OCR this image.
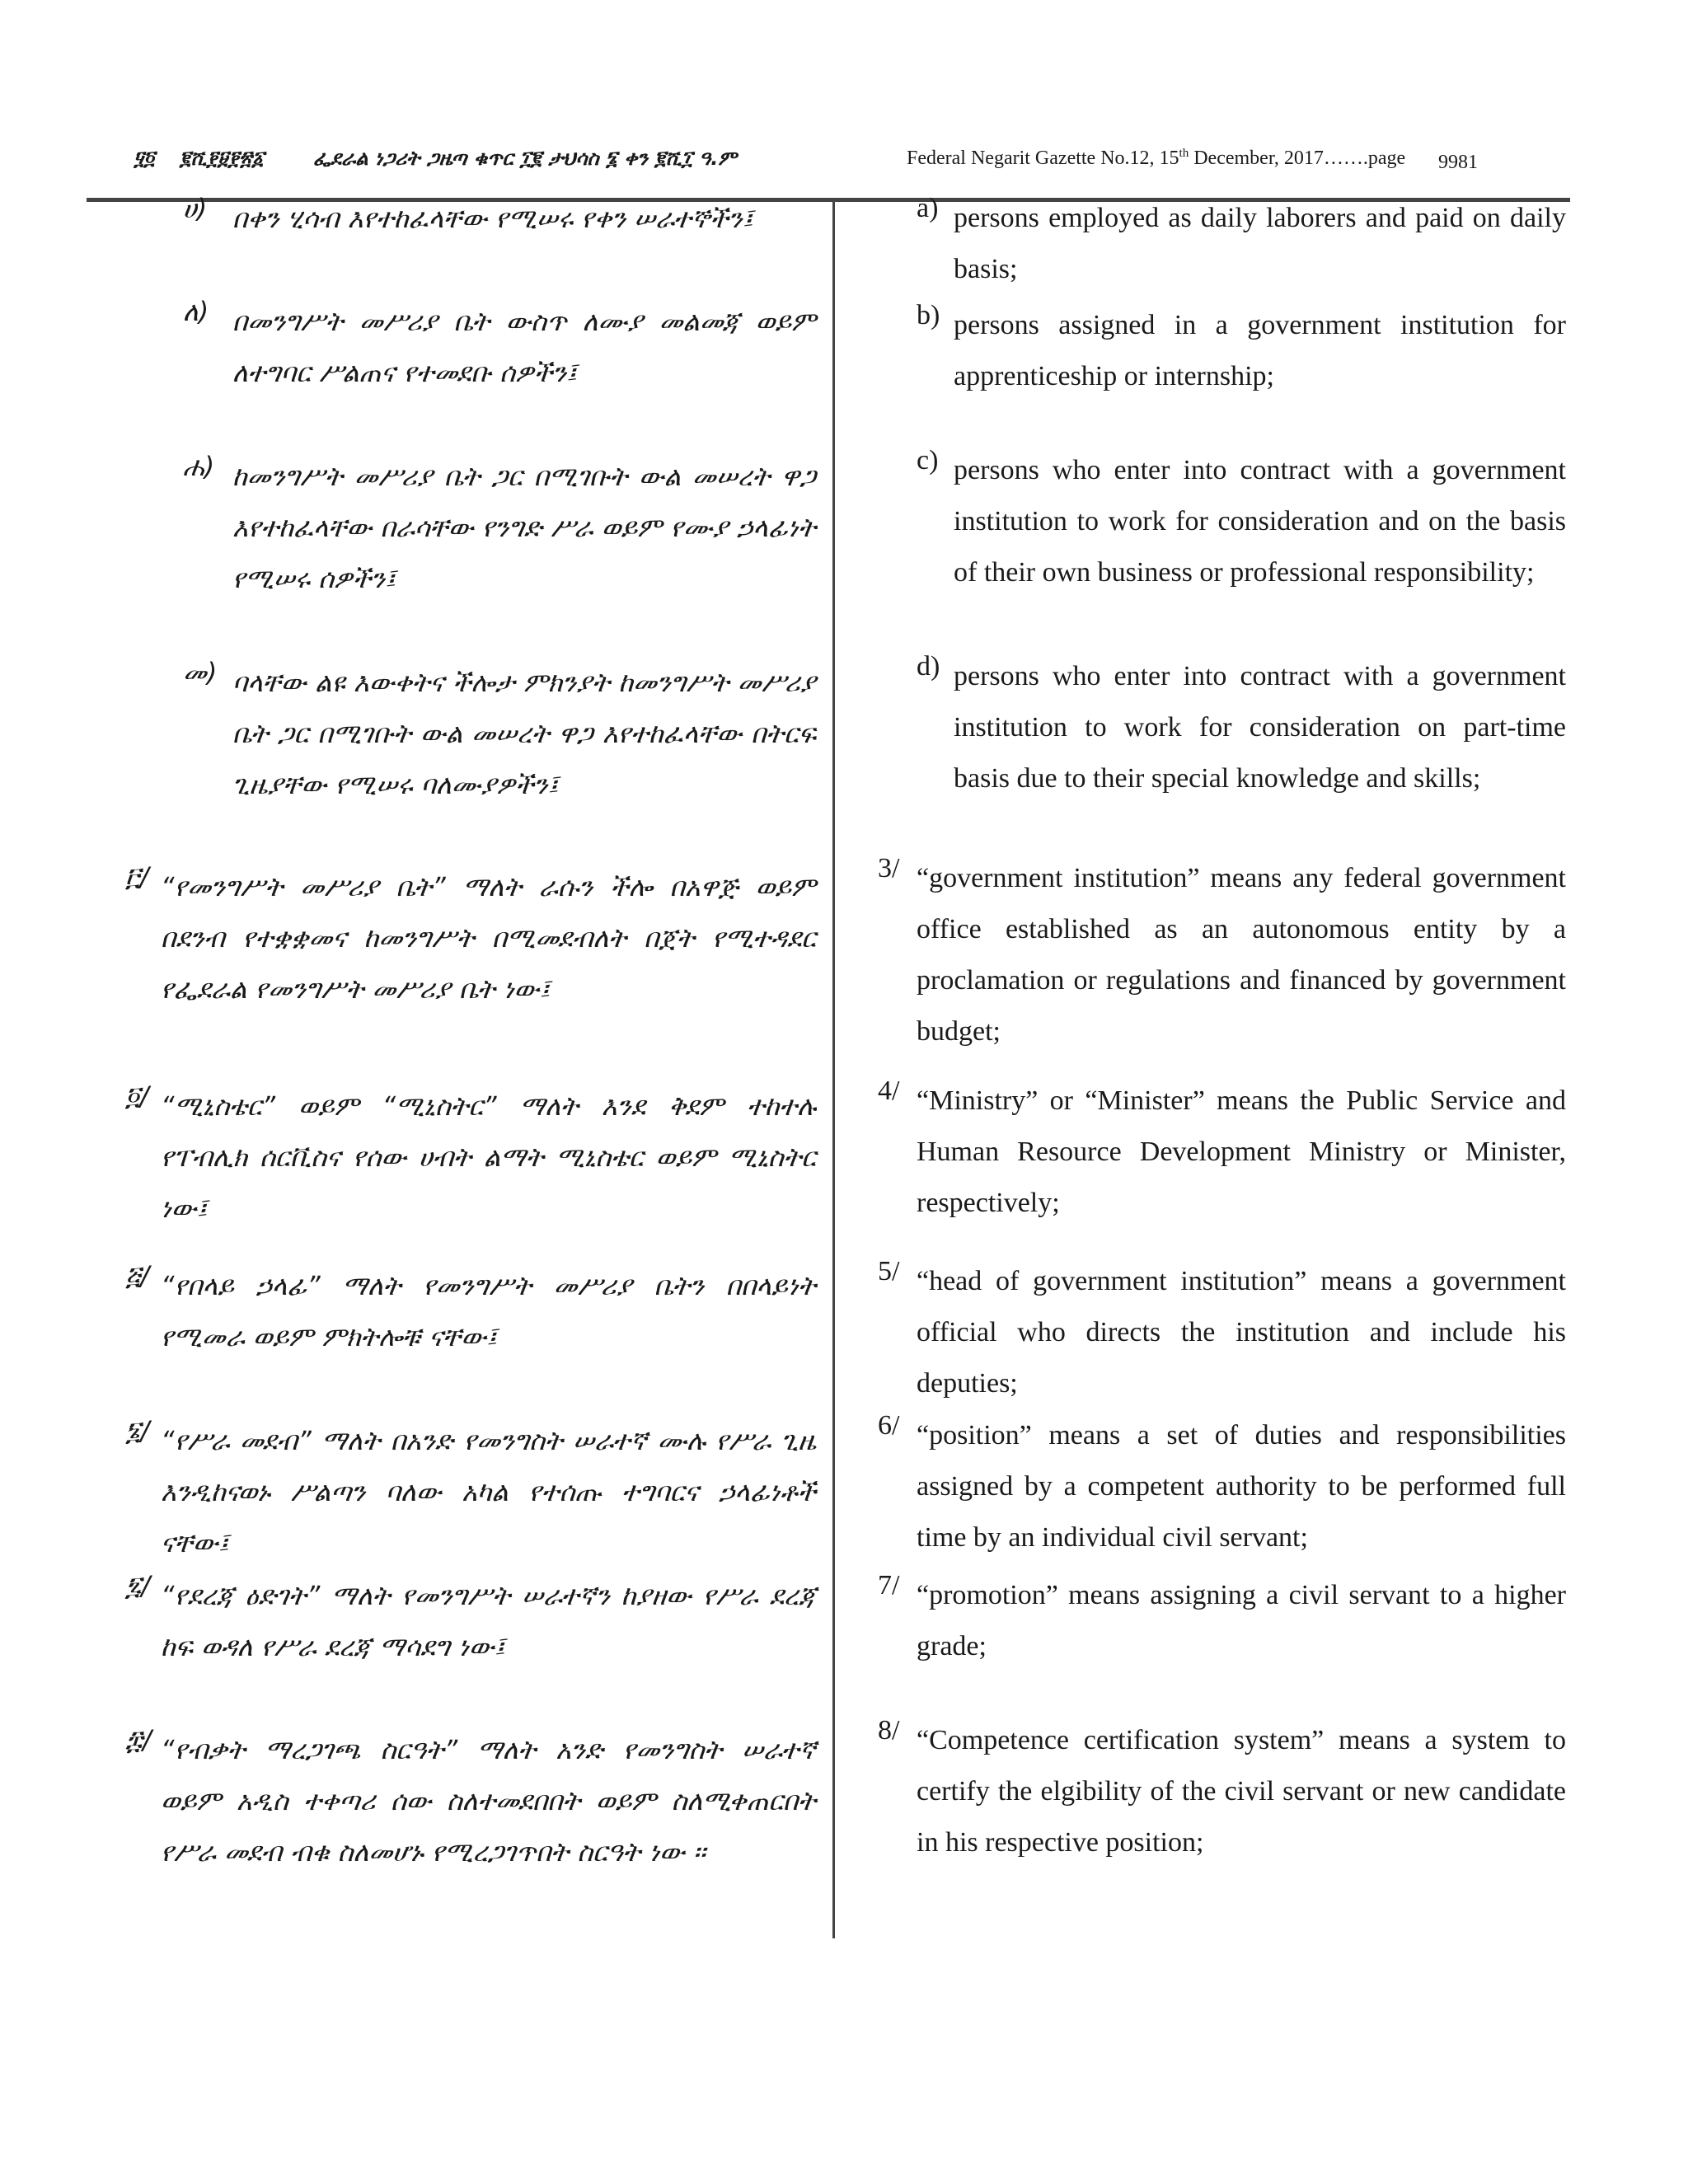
፶፬ ፪ሺ፻፱፻፳፩ ፌደራል ነጋሪት ጋዜጣ ቁጥር ፲፪ ታህሳስ ፮ ቀን ፪ሺ፲ ዓ.ም	Federal Negarit Gazette No.12, 15th December, 2017…….page 9981
ሀ) በቀን ሂሳብ እየተከፈላቸው የሚሠሩ የቀን ሠራተኞችን፤
ለ) በመንግሥት መሥሪያ ቤት ውስጥ ለሙያ መልመጃ ወይም ለተግባር ሥልጠና የተመደቡ ሰዎችን፤
ሐ) ከመንግሥት መሥሪያ ቤት ጋር በሚገቡት ውል መሠረት ዋጋ እየተከፈላቸው በራሳቸው የንግድ ሥራ ወይም የሙያ ኃላፊነት የሚሠሩ ሰዎችን፤
መ) ባላቸው ልዩ እውቀትና ችሎታ ምክንያት ከመንግሥት መሥሪያ ቤት ጋር በሚገቡት ውል መሠረት ዋጋ እየተከፈላቸው በትርፍ ጊዜያቸው የሚሠሩ ባለሙያዎችን፤
፫/ “የመንግሥት መሥሪያ ቤት” ማለት ራሱን ችሎ በአዋጅ ወይም በደንብ የተቋቋመና ከመንግሥት በሚመደብለት በጀት የሚተዳደር የፌደራል የመንግሥት መሥሪያ ቤት ነው፤
፬/ “ሚኒስቴር” ወይም “ሚኒስትር” ማለት እንደ ቅደም ተከተሉ የፐብሊክ ሰርቪስና የሰው ሀብት ልማት ሚኒስቴር ወይም ሚኒስትር ነው፤
፭/ “የበላይ ኃላፊ” ማለት የመንግሥት መሥሪያ ቤትን በበላይነት የሚመራ ወይም ምክትሎቹ ናቸው፤
፮/ “የሥራ መደብ” ማለት በአንድ የመንግስት ሠራተኛ ሙሉ የሥራ ጊዜ እንዲከናወኑ ሥልጣን ባለው አካል የተሰጡ ተግባርና ኃላፊነቶች ናቸው፤
፯/ “የደረጃ ዕድገት” ማለት የመንግሥት ሠራተኛን ከያዘው የሥራ ደረጃ ከፍ ወዳለ የሥራ ደረጃ ማሳደግ ነው፤
፰/ “የብቃት ማረጋገጫ ስርዓት” ማለት አንድ የመንግስት ሠራተኛ ወይም አዲስ ተቀጣሪ ሰው ስለተመደበበት ወይም ስለሚቀጠርበት የሥራ መደብ ብቁ ስለመሆኑ የሚረጋገጥበት ስርዓት ነው ፡፡
a) persons employed as daily laborers and paid on daily basis;
b) persons assigned in a government institution for apprenticeship or internship;
c) persons who enter into contract with a government institution to work for consideration and on the basis of their own business or professional responsibility;
d) persons who enter into contract with a government institution to work for consideration on part-time basis due to their special knowledge and skills;
3/ “government institution” means any federal government office established as an autonomous entity by a proclamation or regulations and financed by government budget;
4/ “Ministry” or “Minister” means the Public Service and Human Resource Development Ministry or Minister, respectively;
5/ “head of government institution” means a government official who directs the institution and include his deputies;
6/ “position” means a set of duties and responsibilities assigned by a competent authority to be performed full time by an individual civil servant;
7/ “promotion” means assigning a civil servant to a higher grade;
8/ “Competence certification system” means a system to certify the elgibility of the civil servant or new candidate in his respective position;
